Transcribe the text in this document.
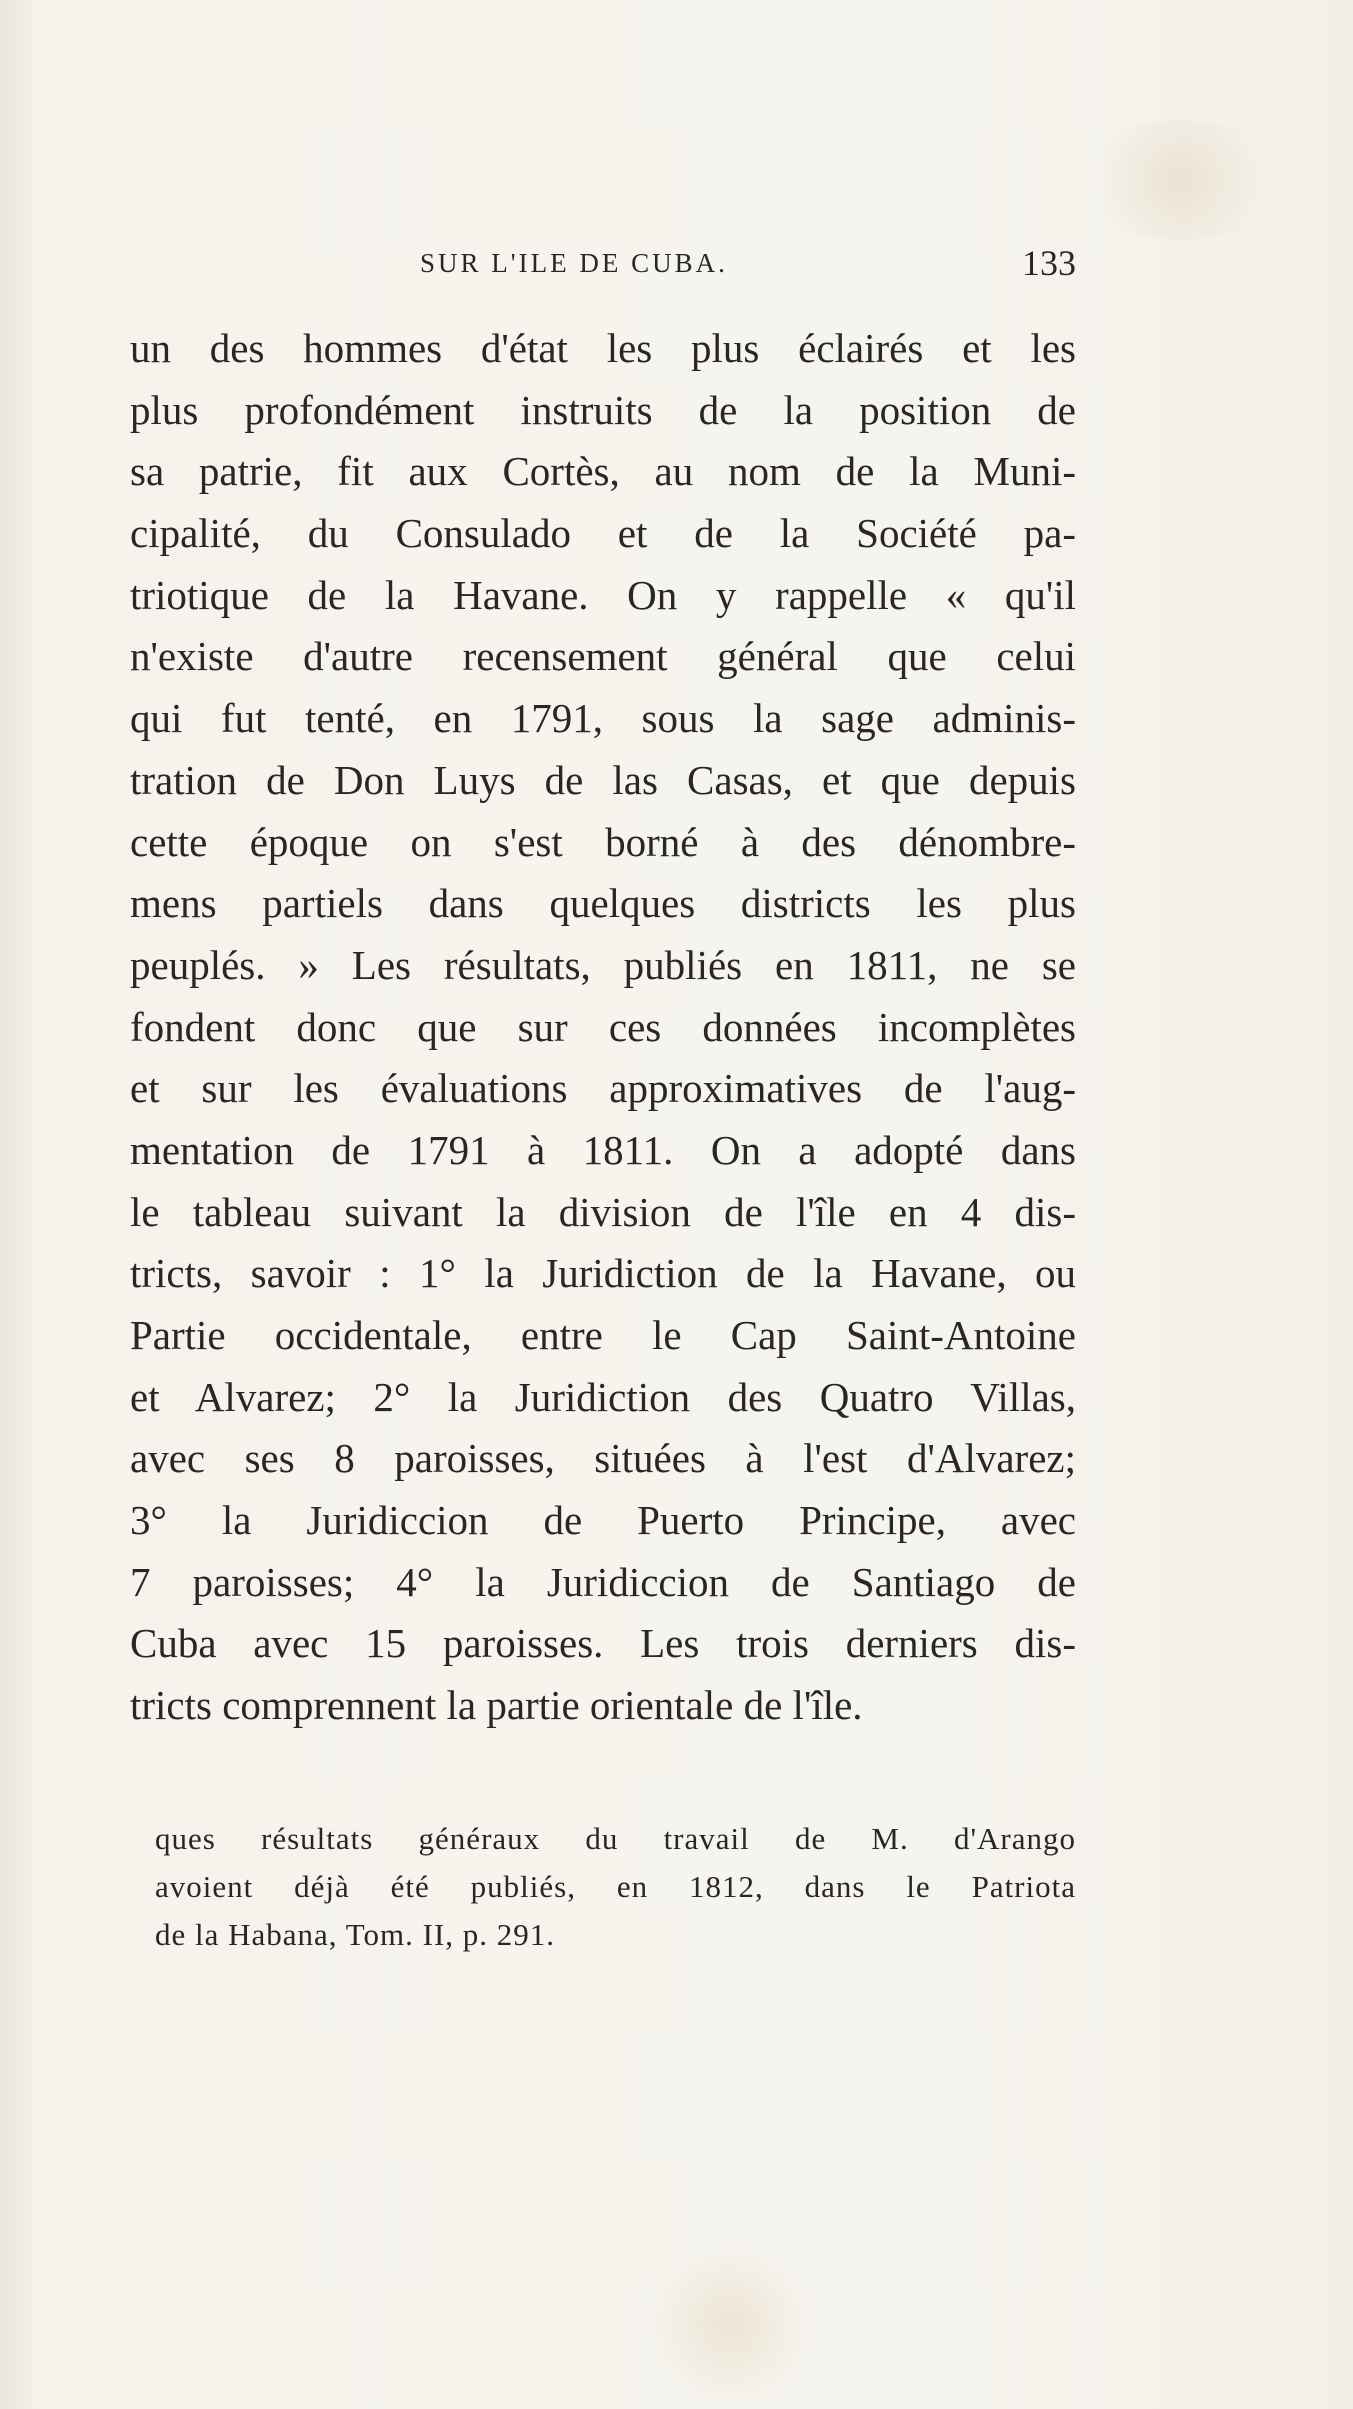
SUR L'ILE DE CUBA.	133
un des hommes d'état les plus éclairés et les
plus profondément instruits de la position de
sa patrie, fit aux Cortès, au nom de la Muni-
cipalité, du Consulado et de la Société pa-
triotique de la Havane. On y rappelle « qu'il
n'existe d'autre recensement général que celui
qui fut tenté, en 1791, sous la sage adminis-
tration de Don Luys de las Casas, et que depuis
cette époque on s'est borné à des dénombre-
mens partiels dans quelques districts les plus
peuplés. » Les résultats, publiés en 1811, ne se
fondent donc que sur ces données incomplètes
et sur les évaluations approximatives de l'aug-
mentation de 1791 à 1811. On a adopté dans
le tableau suivant la division de l'île en 4 dis-
tricts, savoir : 1° la Juridiction de la Havane, ou
Partie occidentale, entre le Cap Saint-Antoine
et Alvarez; 2° la Juridiction des Quatro Villas,
avec ses 8 paroisses, situées à l'est d'Alvarez;
3° la Juridiccion de Puerto Principe, avec
7 paroisses; 4° la Juridiccion de Santiago de
Cuba avec 15 paroisses. Les trois derniers dis-
tricts comprennent la partie orientale de l'île.
ques résultats généraux du travail de M. d'Arango
avoient déjà été publiés, en 1812, dans le Patriota
de la Habana, Tom. II, p. 291.
